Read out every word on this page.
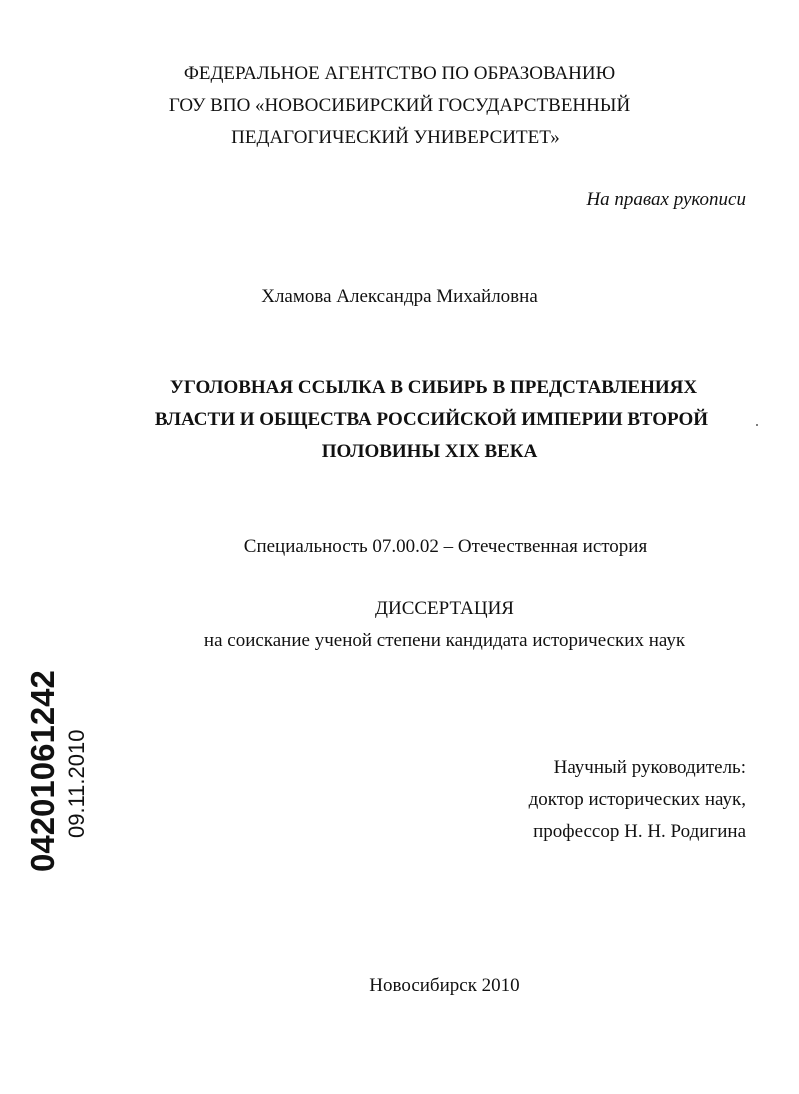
ФЕДЕРАЛЬНОЕ АГЕНТСТВО ПО ОБРАЗОВАНИЮ
ГОУ ВПО «НОВОСИБИРСКИЙ ГОСУДАРСТВЕННЫЙ
ПЕДАГОГИЧЕСКИЙ УНИВЕРСИТЕТ»
На правах рукописи
Хламова Александра Михайловна
УГОЛОВНАЯ ССЫЛКА В СИБИРЬ В ПРЕДСТАВЛЕНИЯХ
ВЛАСТИ И ОБЩЕСТВА РОССИЙСКОЙ ИМПЕРИИ ВТОРОЙ
ПОЛОВИНЫ XIX ВЕКА
Специальность 07.00.02 – Отечественная история
ДИССЕРТАЦИЯ
на соискание ученой степени кандидата исторических наук
Научный руководитель:
доктор исторических наук,
профессор Н. Н. Родигина
Новосибирск 2010
04201061242 09.11.2010
